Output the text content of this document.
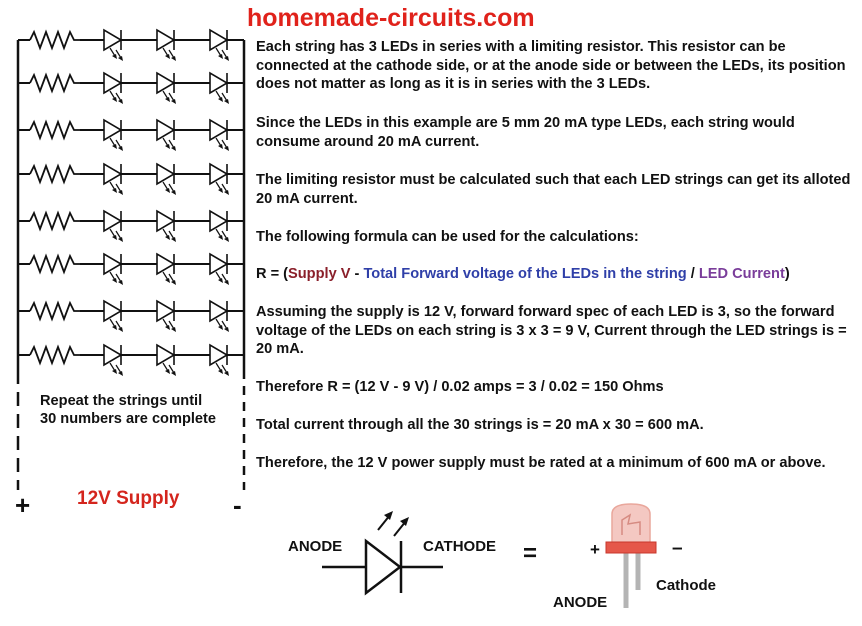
homemade-circuits.com
Each string has 3 LEDs in series with a limiting resistor. This resistor can be connected at the cathode side, or at the anode side or between the LEDs, its position does not matter as long as it is in series with the 3 LEDs.
Since the LEDs in this example are 5 mm 20 mA type LEDs, each string would consume around 20 mA current.
The limiting resistor must be calculated such that each LED strings can get its alloted 20 mA current.
The following formula can be used for the calculations:
R = (Supply V - Total Forward voltage of the LEDs in the string / LED Current)
Assuming the supply is 12 V, forward forward spec of each LED is 3, so the forward voltage of the LEDs on each string is 3 x 3 = 9 V, Current through the LED strings is = 20 mA.
Therefore R = (12 V - 9 V) / 0.02 amps = 3 / 0.02 = 150 Ohms
Total current through all the 30 strings is = 20 mA x 30 = 600 mA.
Therefore, the 12 V power supply must be rated at a minimum of 600 mA or above.
Repeat the strings until
30 numbers are complete
+ 12V Supply -
ANODE	CATHODE =	+	–
Cathode
ANODE
